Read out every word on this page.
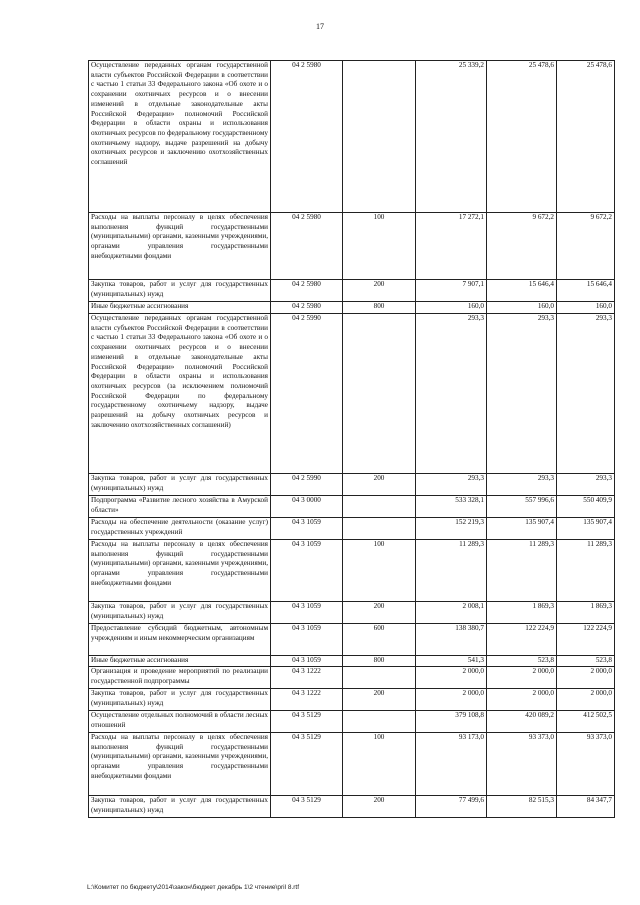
17
Осуществление переданных органам государственной власти субъектов Российской Федерации в соответствии с частью 1 статьи 33 Федерального закона «Об охоте и о сохранении охотничьих ресурсов и о внесении изменений в отдельные законодательные акты Российской Федерации» полномочий Российской Федерации в области охраны и использования охотничьих ресурсов по федеральному государственному охотничьему надзору, выдаче разрешений на добычу охотничьих ресурсов и заключению охотхозяйственных соглашений	04 2 5980		25 339,2	25 478,6	25 478,6
Расходы на выплаты персоналу в целях обеспечения выполнения функций государственными (муниципальными) органами, казенными учреждениями, органами управления государственными внебюджетными фондами	04 2 5980	100	17 272,1	9 672,2	9 672,2
Закупка товаров, работ и услуг для государственных (муниципальных) нужд	04 2 5980	200	7 907,1	15 646,4	15 646,4
Иные бюджетные ассигнования	04 2 5980	800	160,0	160,0	160,0
Осуществление переданных органам государственной власти субъектов Российской Федерации в соответствии с частью 1 статьи 33 Федерального закона «Об охоте и о сохранении охотничьих ресурсов и о внесении изменений в отдельные законодательные акты Российской Федерации» полномочий Российской Федерации в области охраны и использования охотничьих ресурсов (за исключением полномочий Российской Федерации по федеральному государственному охотничьему надзору, выдаче разрешений на добычу охотничьих ресурсов и заключению охотхозяйственных соглашений)	04 2 5990		293,3	293,3	293,3
Закупка товаров, работ и услуг для государственных (муниципальных) нужд	04 2 5990	200	293,3	293,3	293,3
Подпрограмма «Развитие лесного хозяйства в Амурской области»	04 3 0000		533 328,1	557 996,6	550 409,9
Расходы на обеспечение деятельности (оказание услуг) государственных учреждений	04 3 1059		152 219,3	135 907,4	135 907,4
Расходы на выплаты персоналу в целях обеспечения выполнения функций государственными (муниципальными) органами, казенными учреждениями, органами управления государственными внебюджетными фондами	04 3 1059	100	11 289,3	11 289,3	11 289,3
Закупка товаров, работ и услуг для государственных (муниципальных) нужд	04 3 1059	200	2 008,1	1 869,3	1 869,3
Предоставление субсидий бюджетным, автономным учреждениям и иным некоммерческим организациям	04 3 1059	600	138 380,7	122 224,9	122 224,9
Иные бюджетные ассигнования	04 3 1059	800	541,3	523,8	523,8
Организация и проведение мероприятий по реализации государственной подпрограммы	04 3 1222		2 000,0	2 000,0	2 000,0
Закупка товаров, работ и услуг для государственных (муниципальных) нужд	04 3 1222	200	2 000,0	2 000,0	2 000,0
Осуществление отдельных полномочий в области лесных отношений	04 3 5129		379 108,8	420 089,2	412 502,5
Расходы на выплаты персоналу в целях обеспечения выполнения функций государственными (муниципальными) органами, казенными учреждениями, органами управления государственными внебюджетными фондами	04 3 5129	100	93 173,0	93 373,0	93 373,0
Закупка товаров, работ и услуг для государственных (муниципальных) нужд	04 3 5129	200	77 499,6	82 515,3	84 347,7
L:\Комитет по бюджету\2014\закон\бюджет декабрь 1\2 чтение\pril 8.rtf
